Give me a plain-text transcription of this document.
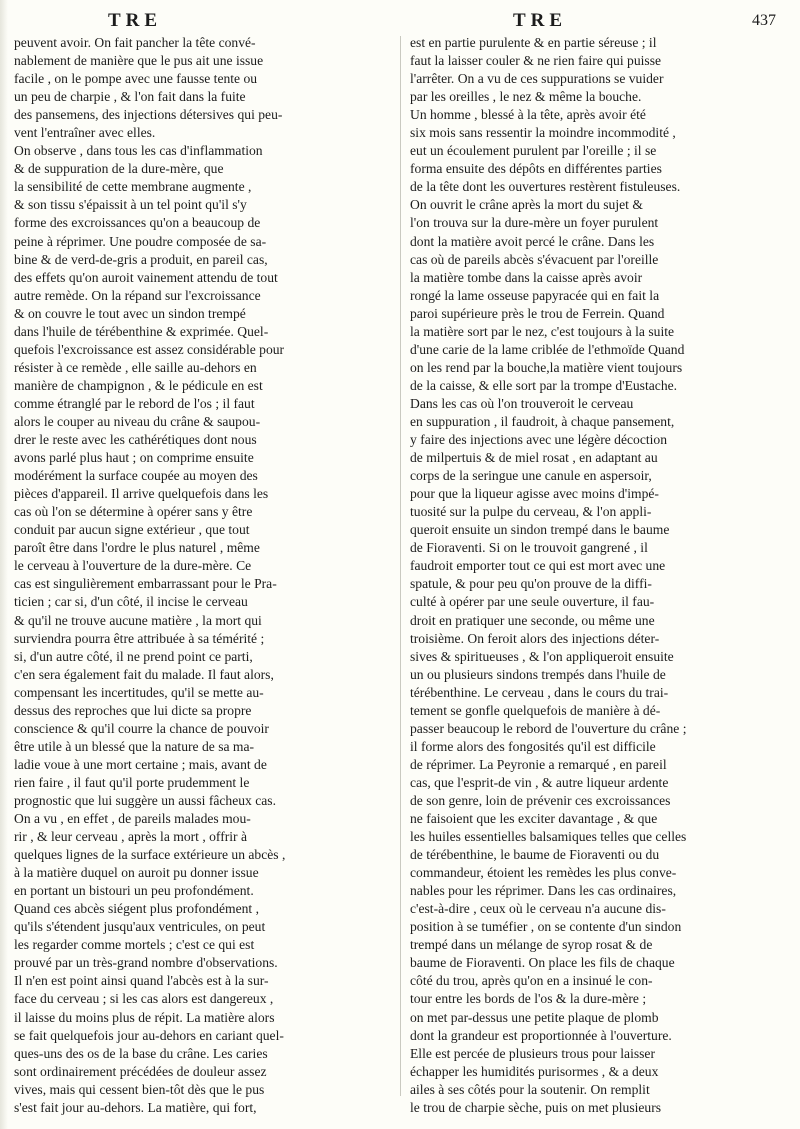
TRE	TRE	437

peuvent avoir. On fait pancher la tête convé-

nablement de manière que le pus ait une issue

facile , on le pompe avec une fausse tente ou

un peu de charpie , & l'on fait dans la fuite

des pansemens, des injections détersives qui peu-

vent l'entraîner avec elles.

On observe , dans tous les cas d'inflammation

& de suppuration de la dure-mère, que

la sensibilité de cette membrane augmente ,

& son tissu s'épaissit à un tel point qu'il s'y

forme des excroissances qu'on a beaucoup de

peine à réprimer. Une poudre composée de sa-

bine & de verd-de-gris a produit, en pareil cas,

des effets qu'on auroit vainement attendu de tout

autre remède. On la répand sur l'excroissance

& on couvre le tout avec un sindon trempé

dans l'huile de térébenthine & exprimée. Quel-

quefois l'excroissance est assez considérable pour

résister à ce remède , elle saille au-dehors en

manière de champignon , & le pédicule en est

comme étranglé par le rebord de l'os ; il faut

alors le couper au niveau du crâne & saupou-

drer le reste avec les cathérétiques dont nous

avons parlé plus haut ; on comprime ensuite

modérément la surface coupée au moyen des

pièces d'appareil. Il arrive quelquefois dans les

cas où l'on se détermine à opérer sans y être

conduit par aucun signe extérieur , que tout

paroît être dans l'ordre le plus naturel , même

le cerveau à l'ouverture de la dure-mère. Ce

cas est singulièrement embarrassant pour le Pra-

ticien ; car si, d'un côté, il incise le cerveau

& qu'il ne trouve aucune matière , la mort qui

surviendra pourra être attribuée à sa témérité ;

si, d'un autre côté, il ne prend point ce parti,

c'en sera également fait du malade. Il faut alors,

compensant les incertitudes, qu'il se mette au-

dessus des reproches que lui dicte sa propre

conscience & qu'il courre la chance de pouvoir

être utile à un blessé que la nature de sa ma-

ladie voue à une mort certaine ; mais, avant de

rien faire , il faut qu'il porte prudemment le

prognostic que lui suggère un aussi fâcheux cas.

On a vu , en effet , de pareils malades mou-

rir , & leur cerveau , après la mort , offrir à

quelques lignes de la surface extérieure un abcès ,

à la matière duquel on auroit pu donner issue

en portant un bistouri un peu profondément.

Quand ces abcès siégent plus profondément ,

qu'ils s'étendent jusqu'aux ventricules, on peut

les regarder comme mortels ; c'est ce qui est

prouvé par un très-grand nombre d'observations.

Il n'en est point ainsi quand l'abcès est à la sur-

face du cerveau ; si les cas alors est dangereux ,

il laisse du moins plus de répit. La matière alors

se fait quelquefois jour au-dehors en cariant quel-

ques-uns des os de la base du crâne. Les caries

sont ordinairement précédées de douleur assez

vives, mais qui cessent bien-tôt dès que le pus

s'est fait jour au-dehors. La matière, qui fort,

est en partie purulente & en partie séreuse ; il

faut la laisser couler & ne rien faire qui puisse

l'arrêter. On a vu de ces suppurations se vuider

par les oreilles , le nez & même la bouche.

Un homme , blessé à la tête, après avoir été

six mois sans ressentir la moindre incommodité ,

eut un écoulement purulent par l'oreille ; il se

forma ensuite des dépôts en différentes parties

de la tête dont les ouvertures restèrent fistuleuses.

On ouvrit le crâne après la mort du sujet &

l'on trouva sur la dure-mère un foyer purulent

dont la matière avoit percé le crâne. Dans les

cas où de pareils abcès s'évacuent par l'oreille

la matière tombe dans la caisse après avoir

rongé la lame osseuse papyracée qui en fait la

paroi supérieure près le trou de Ferrein. Quand

la matière sort par le nez, c'est toujours à la suite

d'une carie de la lame criblée de l'ethmoïde Quand

on les rend par la bouche,la matière vient toujours

de la caisse, & elle sort par la trompe d'Eustache.

Dans les cas où l'on trouveroit le cerveau

en suppuration , il faudroit, à chaque pansement,

y faire des injections avec une légère décoction

de milpertuis & de miel rosat , en adaptant au

corps de la seringue une canule en aspersoir,

pour que la liqueur agisse avec moins d'impé-

tuosité sur la pulpe du cerveau, & l'on appli-

queroit ensuite un sindon trempé dans le baume

de Fioraventi. Si on le trouvoit gangrené , il

faudroit emporter tout ce qui est mort avec une

spatule, & pour peu qu'on prouve de la diffi-

culté à opérer par une seule ouverture, il fau-

droit en pratiquer une seconde, ou même une

troisième. On feroit alors des injections déter-

sives & spiritueuses , & l'on appliqueroit ensuite

un ou plusieurs sindons trempés dans l'huile de

térébenthine. Le cerveau , dans le cours du trai-

tement se gonfle quelquefois de manière à dé-

passer beaucoup le rebord de l'ouverture du crâne ;

il forme alors des fongosités qu'il est difficile

de réprimer. La Peyronie a remarqué , en pareil

cas, que l'esprit-de vin , & autre liqueur ardente

de son genre, loin de prévenir ces excroissances

ne faisoient que les exciter davantage , & que

les huiles essentielles balsamiques telles que celles

de térébenthine, le baume de Fioraventi ou du

commandeur, étoient les remèdes les plus conve-

nables pour les réprimer. Dans les cas ordinaires,

c'est-à-dire , ceux où le cerveau n'a aucune dis-

position à se tuméfier , on se contente d'un sindon

trempé dans un mélange de syrop rosat & de

baume de Fioraventi. On place les fils de chaque

côté du trou, après qu'on en a insinué le con-

tour entre les bords de l'os & la dure-mère ;

on met par-dessus une petite plaque de plomb

dont la grandeur est proportionnée à l'ouverture.

Elle est percée de plusieurs trous pour laisser

échapper les humidités purisormes , & a deux

ailes à ses côtés pour la soutenir. On remplit

le trou de charpie sèche, puis on met plusieurs
